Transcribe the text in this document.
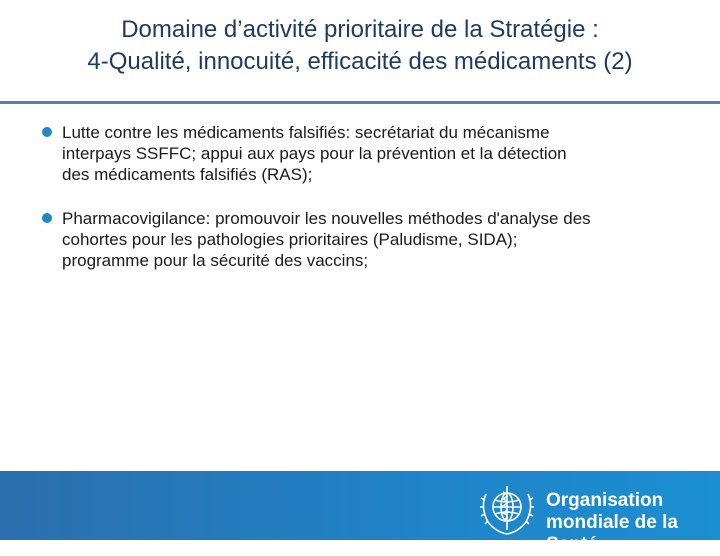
Domaine d’activité prioritaire de la Stratégie :
4-Qualité, innocuité, efficacité des médicaments (2)
Lutte contre les médicaments falsifiés: secrétariat du mécanisme
interpays SSFFC; appui aux pays pour la prévention et la détection
des médicaments falsifiés (RAS);
Pharmacovigilance: promouvoir les nouvelles méthodes d'analyse des
cohortes pour les pathologies prioritaires (Paludisme, SIDA);
programme pour la sécurité des vaccins;
Organisation
mondiale de la Santé
